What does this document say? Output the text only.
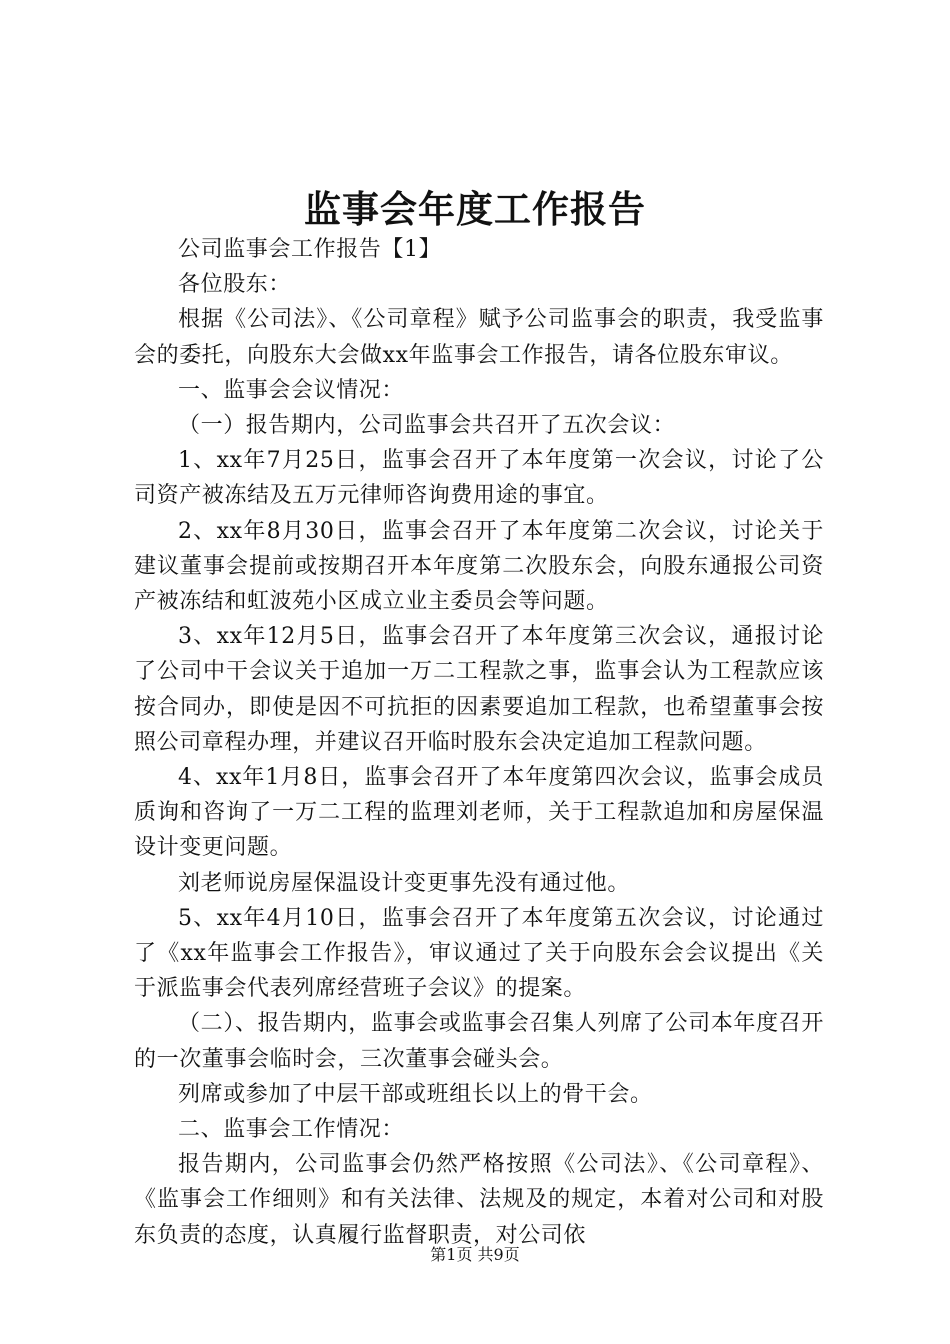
监事会年度工作报告

公司监事会工作报告【1】

各位股东：

根据《公司法》、《公司章程》赋予公司监事会的职责，我受监事会的委托，向股东大会做xx年监事会工作报告，请各位股东审议。

一、监事会会议情况：

（一）报告期内，公司监事会共召开了五次会议：

1、xx年7月25日，监事会召开了本年度第一次会议，讨论了公司资产被冻结及五万元律师咨询费用途的事宜。

2、xx年8月30日，监事会召开了本年度第二次会议，讨论关于建议董事会提前或按期召开本年度第二次股东会，向股东通报公司资产被冻结和虹波苑小区成立业主委员会等问题。

3、xx年12月5日，监事会召开了本年度第三次会议，通报讨论了公司中干会议关于追加一万二工程款之事，监事会认为工程款应该按合同办，即使是因不可抗拒的因素要追加工程款，也希望董事会按照公司章程办理，并建议召开临时股东会决定追加工程款问题。

4、xx年1月8日，监事会召开了本年度第四次会议，监事会成员质询和咨询了一万二工程的监理刘老师，关于工程款追加和房屋保温设计变更问题。

刘老师说房屋保温设计变更事先没有通过他。

5、xx年4月10日，监事会召开了本年度第五次会议，讨论通过了《xx年监事会工作报告》，审议通过了关于向股东会会议提出《关于派监事会代表列席经营班子会议》的提案。

（二）、报告期内，监事会或监事会召集人列席了公司本年度召开的一次董事会临时会，三次董事会碰头会。

列席或参加了中层干部或班组长以上的骨干会。

二、监事会工作情况：

报告期内，公司监事会仍然严格按照《公司法》、《公司章程》、《监事会工作细则》和有关法律、法规及的规定，本着对公司和对股东负责的态度，认真履行监督职责，对公司依

第1页 共9页
